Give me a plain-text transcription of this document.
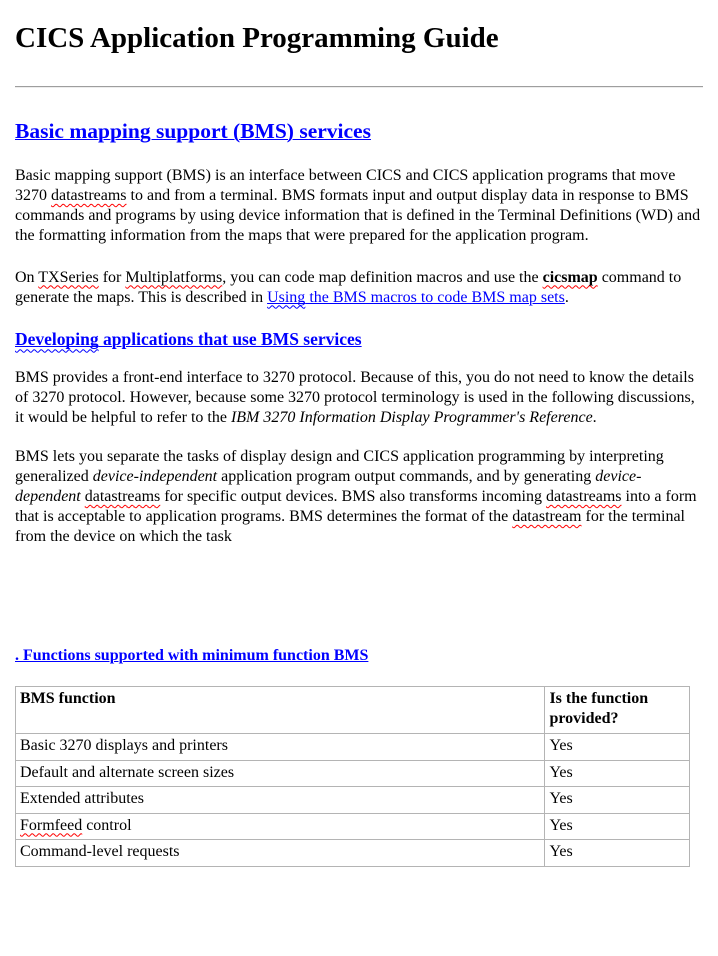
CICS Application Programming Guide
Basic mapping support (BMS) services

Basic mapping support (BMS) is an interface between CICS and CICS application programs that move 3270 datastreams to and from a terminal. BMS formats input and output display data in response to BMS commands and programs by using device information that is defined in the Terminal Definitions (WD) and the formatting information from the maps that were prepared for the application program.

On TXSeries for Multiplatforms, you can code map definition macros and use the cicsmap command to generate the maps. This is described in Using the BMS macros to code BMS map sets.

Developing applications that use BMS services

BMS provides a front-end interface to 3270 protocol. Because of this, you do not need to know the details of 3270 protocol. However, because some 3270 protocol terminology is used in the following discussions, it would be helpful to refer to the IBM 3270 Information Display Programmer's Reference.

BMS lets you separate the tasks of display design and CICS application programming by interpreting generalized device-independent application program output commands, and by generating device-dependent datastreams for specific output devices. BMS also transforms incoming datastreams into a form that is acceptable to application programs. BMS determines the format of the datastream for the terminal from the device on which the task

. Functions supported with minimum function BMS
BMS function	Is the function provided?
Basic 3270 displays and printers	Yes
Default and alternate screen sizes	Yes
Extended attributes	Yes
Formfeed control	Yes
Command-level requests	Yes
